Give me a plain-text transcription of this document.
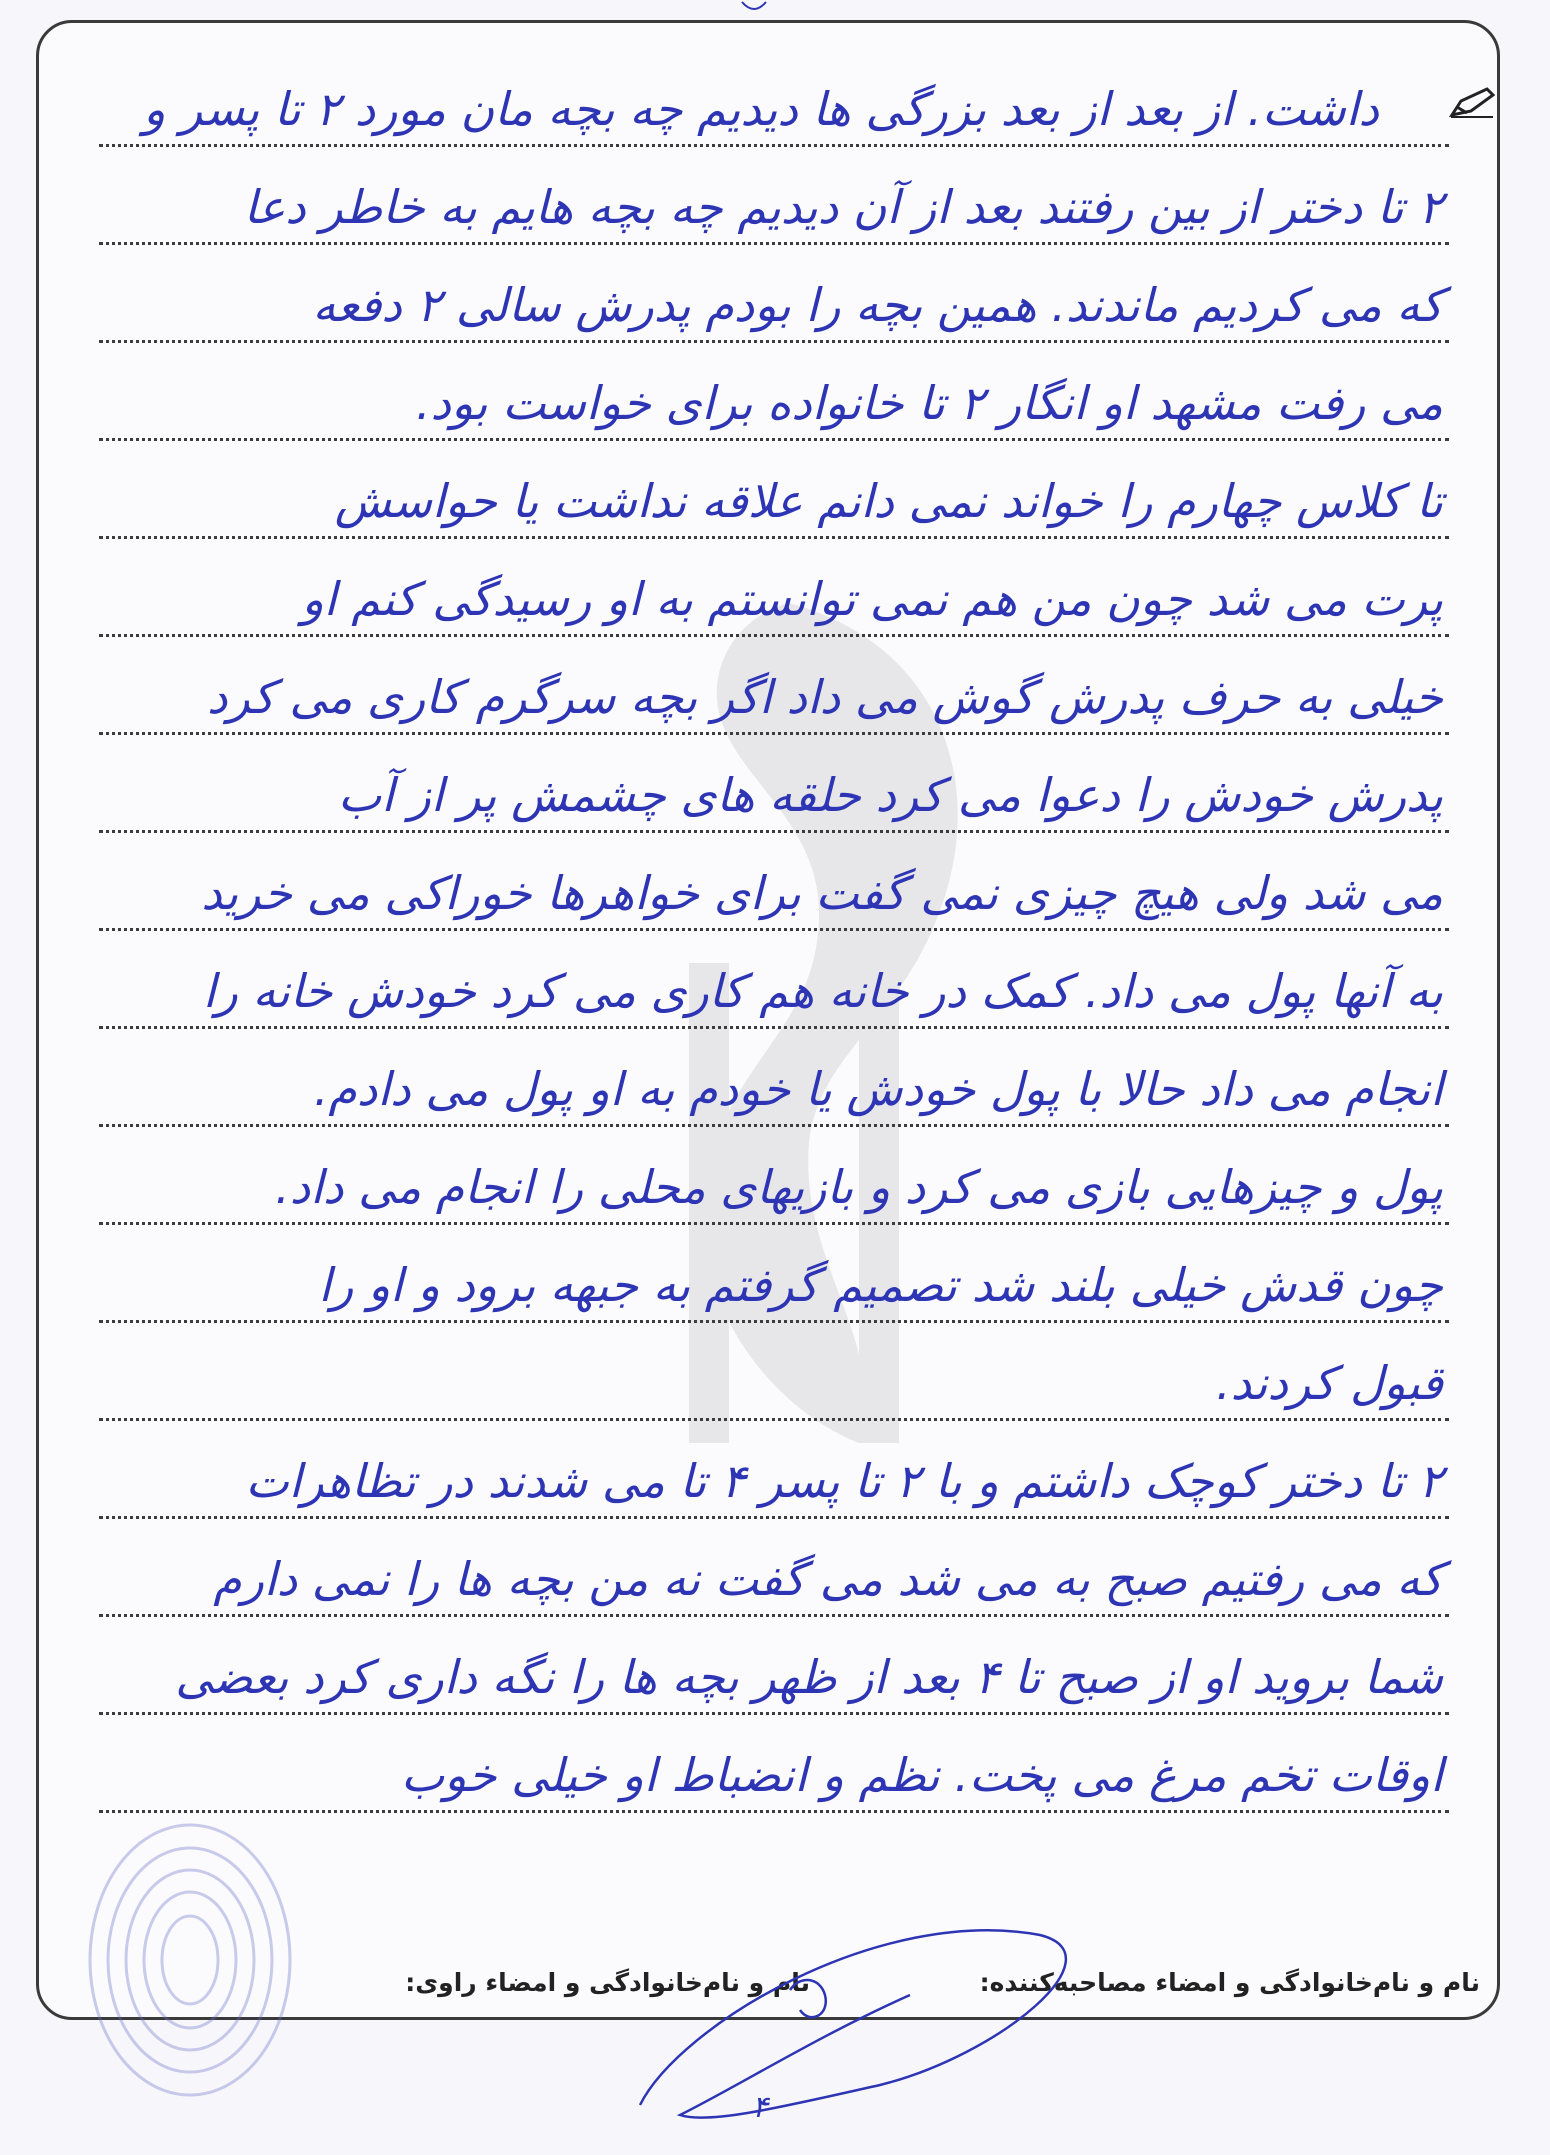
داشت. از بعد از بعد بزرگی ها دیدیم چه بچه مان مورد ۲ تا پسر و
۲ تا دختر از بین رفتند بعد از آن دیدیم چه بچه هایم به خاطر دعا
که می کردیم ماندند. همین بچه را بودم پدرش سالی ۲ دفعه
می رفت مشهد او انگار ۲ تا خانواده برای خواست بود.
تا کلاس چهارم را خواند نمی دانم علاقه نداشت یا حواسش
پرت می شد چون من هم نمی توانستم به او رسیدگی کنم او
خیلی به حرف پدرش گوش می داد اگر بچه سرگرم کاری می کرد
پدرش خودش را دعوا می کرد حلقه های چشمش پر از آب
می شد ولی هیچ چیزی نمی گفت برای خواهرها خوراکی می خرید
به آنها پول می داد. کمک در خانه هم کاری می کرد خودش خانه را
انجام می داد حالا با پول خودش یا خودم به او پول می دادم.
پول و چیزهایی بازی می کرد و بازیهای محلی را انجام می داد.
چون قدش خیلی بلند شد تصمیم گرفتم به جبهه برود و او را
قبول کردند.
۲ تا دختر کوچک داشتم و با ۲ تا پسر ۴ تا می شدند در تظاهرات
که می رفتیم صبح به می شد می گفت نه من بچه ها را نمی دارم
شما بروید او از صبح تا ۴ بعد از ظهر بچه ها را نگه داری کرد بعضی
اوقات تخم مرغ می پخت. نظم و انضباط او خیلی خوب
نام و نام‌خانوادگی و امضاء مصاحبه‌کننده:
نام و نام‌خانوادگی و امضاء راوی:
۴
